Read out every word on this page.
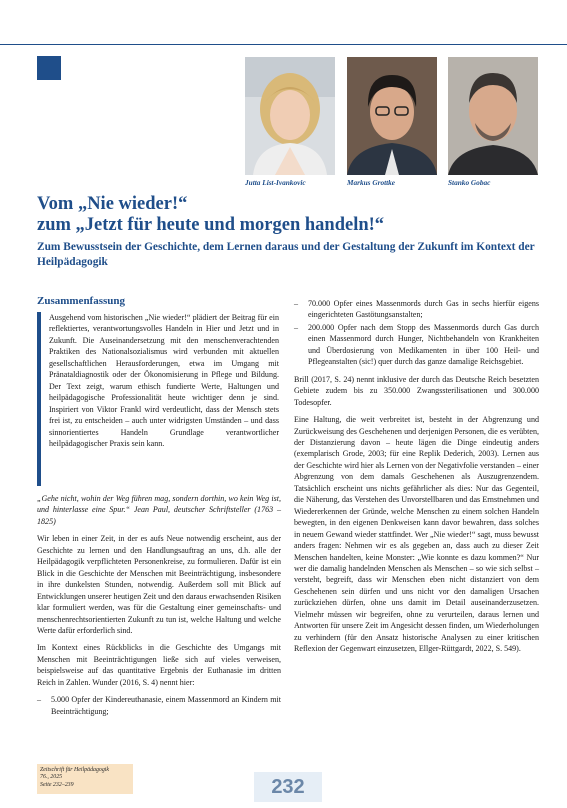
Jutta List-Ivankovic	Markus Grottke	Stanko Gobac
Vom „Nie wieder!“
zum „Jetzt für heute und morgen handeln!“
Zum Bewusstsein der Geschichte, dem Lernen daraus und der Gestaltung der Zukunft im Kontext der Heilpädagogik
Zusammenfassung
Ausgehend vom historischen „Nie wieder!“ plädiert der Beitrag für ein reflektiertes, verantwortungsvolles Handeln in Hier und Jetzt und in Zukunft. Die Auseinandersetzung mit den menschenverachtenden Praktiken des Nationalsozialismus wird verbunden mit aktuellen gesellschaftlichen Herausforderungen, etwa im Umgang mit Pränataldiagnostik oder der Ökonomisierung in Pflege und Bildung. Der Text zeigt, warum ethisch fundierte Werte, Haltungen und heilpädagogische Professionalität heute wichtiger denn je sind. Inspiriert von Viktor Frankl wird verdeutlicht, dass der Mensch stets frei ist, zu entscheiden – auch unter widrigsten Umständen – und dass sinnorientiertes Handeln Grundlage verantwortlicher heilpädagogischer Praxis sein kann.

„Gehe nicht, wohin der Weg führen mag, sondern dorthin, wo kein Weg ist, und hinterlasse eine Spur.“ Jean Paul, deutscher Schriftsteller (1763 – 1825)

Wir leben in einer Zeit, in der es aufs Neue notwendig erscheint, aus der Geschichte zu lernen und den Handlungsauftrag an uns, d.h. alle der Heilpädagogik verpflichteten Personenkreise, zu formulieren. Dafür ist ein Blick in die Geschichte der Menschen mit Beeinträchtigung, insbesondere in ihre dunkelsten Stunden, notwendig. Außerdem soll mit Blick auf Entwicklungen unserer heutigen Zeit und den daraus erwachsenden Risiken klar formuliert werden, was für die Gestaltung einer gemeinschafts- und menschenrechtsorientierten Zukunft zu tun ist, welche Haltung und welche Werte dafür erforderlich sind.

Im Kontext eines Rückblicks in die Geschichte des Umgangs mit Menschen mit Beeinträchtigungen ließe sich auf vieles verweisen, beispielsweise auf das quantitative Ergebnis der Euthanasie im dritten Reich in Zahlen. Wunder (2016, S. 4) nennt hier:

– 5.000 Opfer der Kindereuthanasie, einem Massenmord an Kindern mit Beeinträchtigung;
– 70.000 Opfer eines Massenmords durch Gas in sechs hierfür eigens eingerichteten Gastötungsanstalten;
– 200.000 Opfer nach dem Stopp des Massenmords durch Gas durch einen Massenmord durch Hunger, Nichtbehandeln von Krankheiten und Überdosierung von Medikamenten in über 100 Heil- und Pflegeanstalten (sic!) quer durch das ganze damalige Reichsgebiet.

Brill (2017, S. 24) nennt inklusive der durch das Deutsche Reich besetzten Gebiete zudem bis zu 350.000 Zwangssterilisationen und 300.000 Todesopfer.

Eine Haltung, die weit verbreitet ist, besteht in der Abgrenzung und Zurückweisung des Geschehenen und derjenigen Personen, die es verübten, der Distanzierung davon – heute lägen die Dinge eindeutig anders (exemplarisch Grode, 2003; für eine Replik Dederich, 2003). Lernen aus der Geschichte wird hier als Lernen von der Negativfolie verstanden – einer Abgrenzung von dem damals Geschehenen als Auszugrenzendem. Tatsächlich erscheint uns nichts gefährlicher als dies: Nur das Gegenteil, die Näherung, das Verstehen des Unvorstellbaren und das Ernstnehmen und Wiedererkennen der Gründe, welche Menschen zu einem solchen Handeln bewegten, in den eigenen Denkweisen kann davor bewahren, dass solches in neuem Gewand wieder stattfindet. Wer „Nie wieder!“ sagt, muss bewusst anders fragen: Nehmen wir es als gegeben an, dass auch zu dieser Zeit Menschen handelten, keine Monster: „Wie konnte es dazu kommen?“ Nur wer die damalig handelnden Menschen als Menschen – so wie sich selbst – versteht, begreift, dass wir Menschen eben nicht distanziert von dem Geschehenen sein dürfen und uns nicht vor den damaligen Ursachen zurückziehen dürfen, ohne uns damit im Detail auseinanderzusetzen. Vielmehr müssen wir begreifen, ohne zu verurteilen, daraus lernen und Antworten für unsere Zeit im Angesicht dessen finden, um Wiederholungen zu verhindern (für den Ansatz historische Analysen zu einer kritischen Reflexion der Gegenwart einzusetzen, Ellger-Rüttgardt, 2022, S. 549).

Zeitschrift für Heilpädagogik
76., 2025
Seite 232–239	232
